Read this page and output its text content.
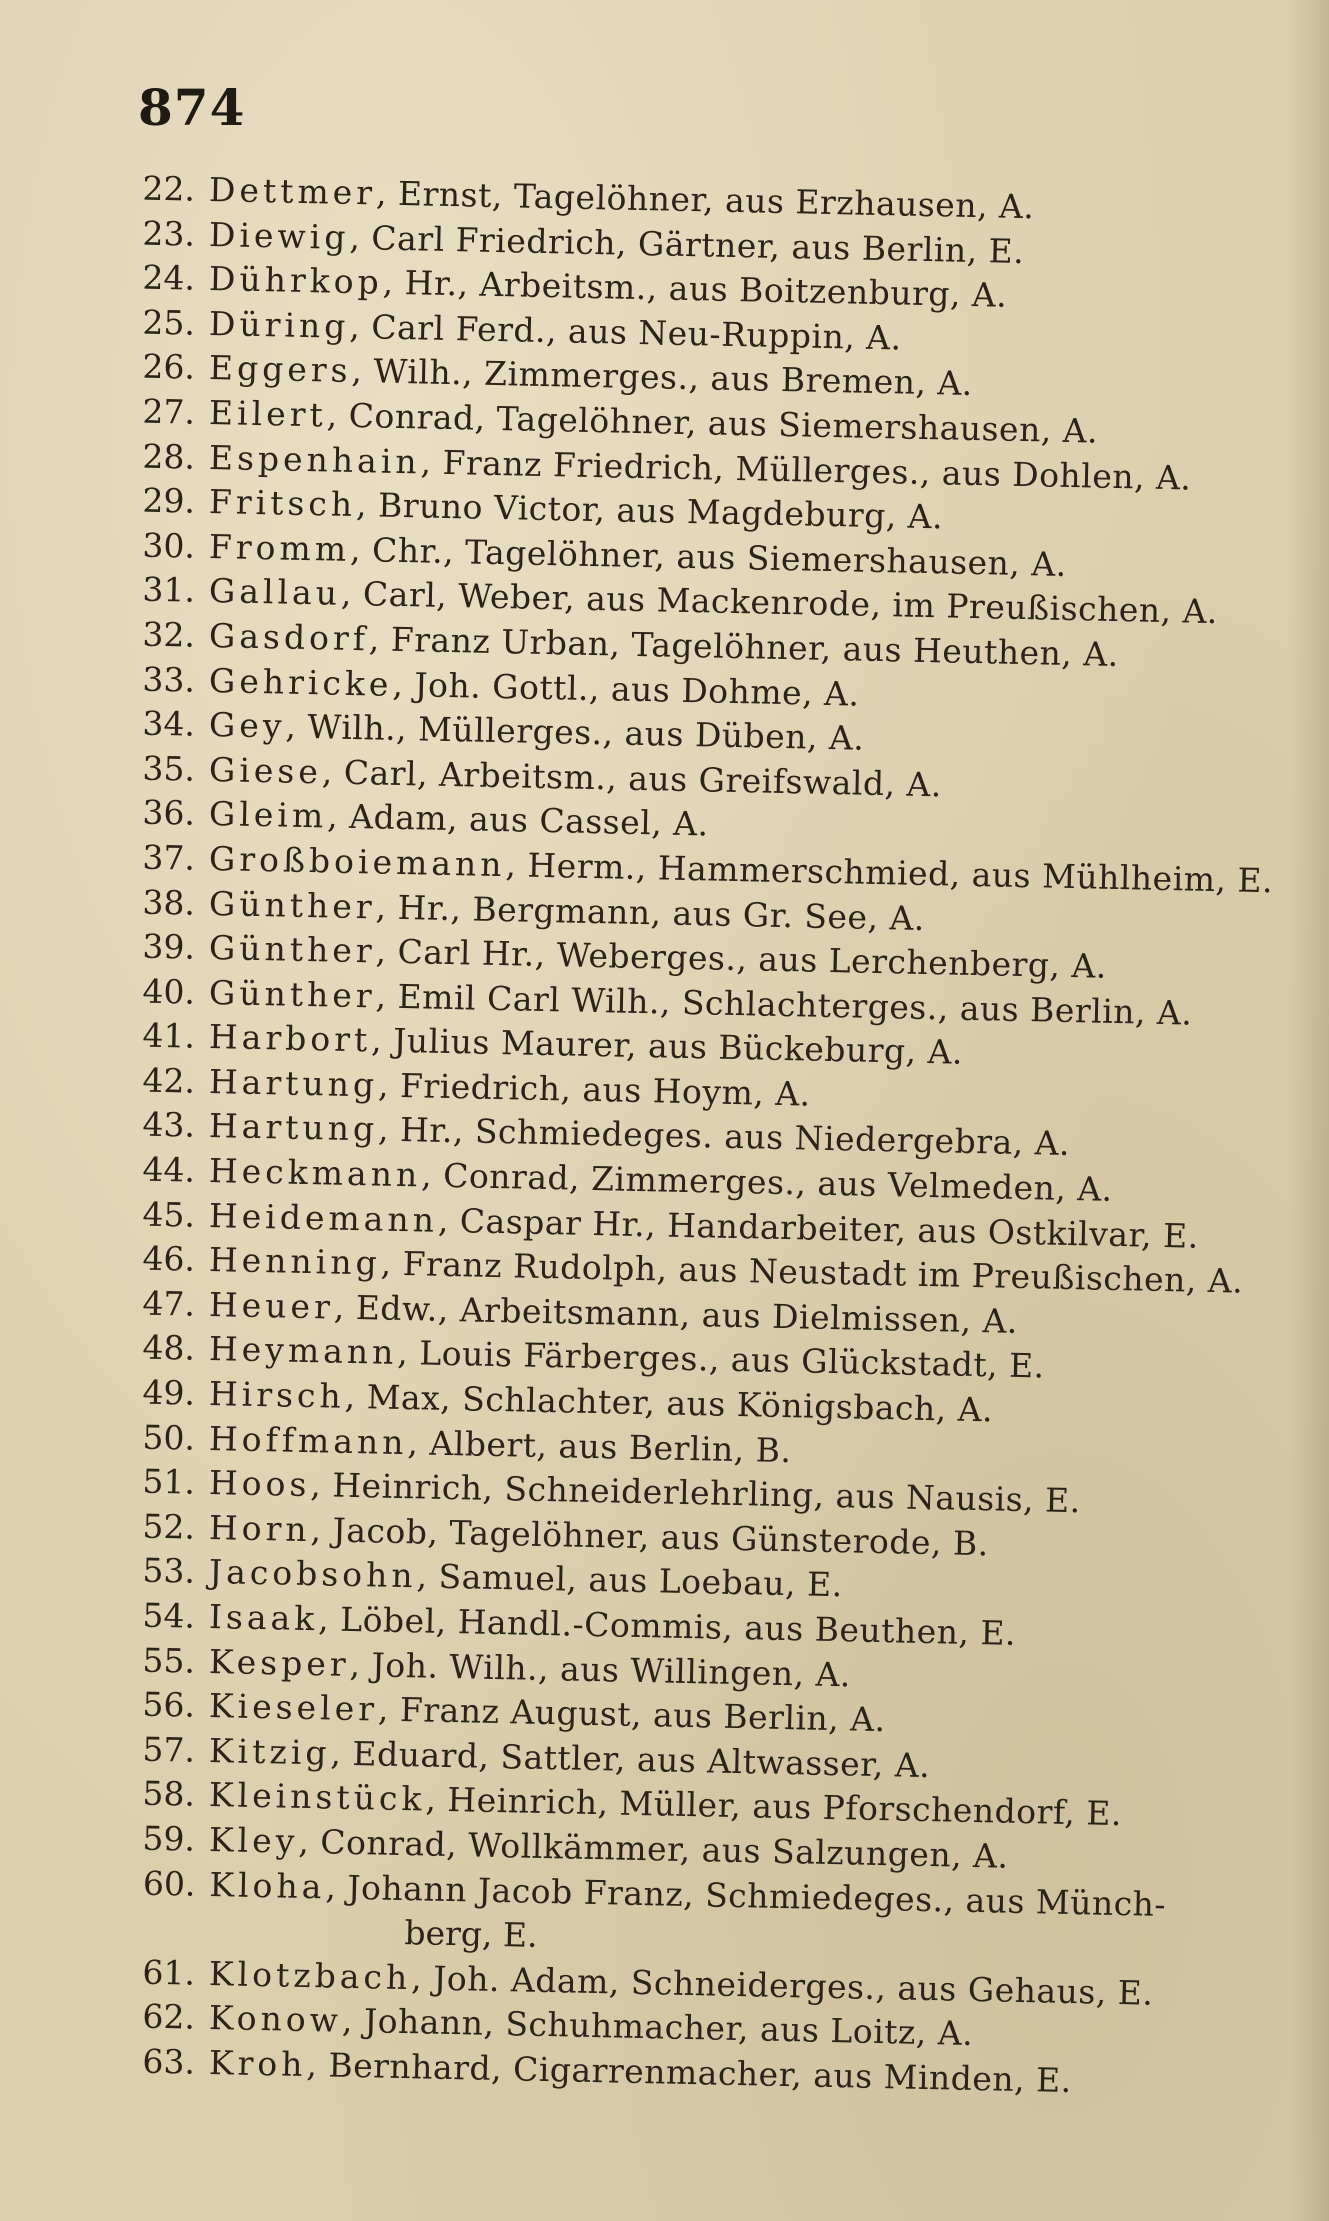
874
22. Dettmer, Ernst, Tagelöhner, aus Erzhausen, A.
23. Diewig, Carl Friedrich, Gärtner, aus Berlin, E.
24. Dührkop, Hr., Arbeitsm., aus Boitzenburg, A.
25. Düring, Carl Ferd., aus Neu-Ruppin, A.
26. Eggers, Wilh., Zimmerges., aus Bremen, A.
27. Eilert, Conrad, Tagelöhner, aus Siemershausen, A.
28. Espenhain, Franz Friedrich, Müllerges., aus Dohlen, A.
29. Fritsch, Bruno Victor, aus Magdeburg, A.
30. Fromm, Chr., Tagelöhner, aus Siemershausen, A.
31. Gallau, Carl, Weber, aus Mackenrode, im Preußischen, A.
32. Gasdorf, Franz Urban, Tagelöhner, aus Heuthen, A.
33. Gehricke, Joh. Gottl., aus Dohme, A.
34. Gey, Wilh., Müllerges., aus Düben, A.
35. Giese, Carl, Arbeitsm., aus Greifswald, A.
36. Gleim, Adam, aus Cassel, A.
37. Großboiemann, Herm., Hammerschmied, aus Mühlheim, E.
38. Günther, Hr., Bergmann, aus Gr. See, A.
39. Günther, Carl Hr., Weberges., aus Lerchenberg, A.
40. Günther, Emil Carl Wilh., Schlachterges., aus Berlin, A.
41. Harbort, Julius Maurer, aus Bückeburg, A.
42. Hartung, Friedrich, aus Hoym, A.
43. Hartung, Hr., Schmiedeges. aus Niedergebra, A.
44. Heckmann, Conrad, Zimmerges., aus Velmeden, A.
45. Heidemann, Caspar Hr., Handarbeiter, aus Ostkilvar, E.
46. Henning, Franz Rudolph, aus Neustadt im Preußischen, A.
47. Heuer, Edw., Arbeitsmann, aus Dielmissen, A.
48. Heymann, Louis Färberges., aus Glückstadt, E.
49. Hirsch, Max, Schlachter, aus Königsbach, A.
50. Hoffmann, Albert, aus Berlin, B.
51. Hoos, Heinrich, Schneiderlehrling, aus Nausis, E.
52. Horn, Jacob, Tagelöhner, aus Günsterode, B.
53. Jacobsohn, Samuel, aus Loebau, E.
54. Isaak, Löbel, Handl.-Commis, aus Beuthen, E.
55. Kesper, Joh. Wilh., aus Willingen, A.
56. Kieseler, Franz August, aus Berlin, A.
57. Kitzig, Eduard, Sattler, aus Altwasser, A.
58. Kleinstück, Heinrich, Müller, aus Pforschendorf, E.
59. Kley, Conrad, Wollkämmer, aus Salzungen, A.
60. Kloha, Johann Jacob Franz, Schmiedeges., aus Münch-
berg, E.
61. Klotzbach, Joh. Adam, Schneiderges., aus Gehaus, E.
62. Konow, Johann, Schuhmacher, aus Loitz, A.
63. Kroh, Bernhard, Cigarrenmacher, aus Minden, E.
